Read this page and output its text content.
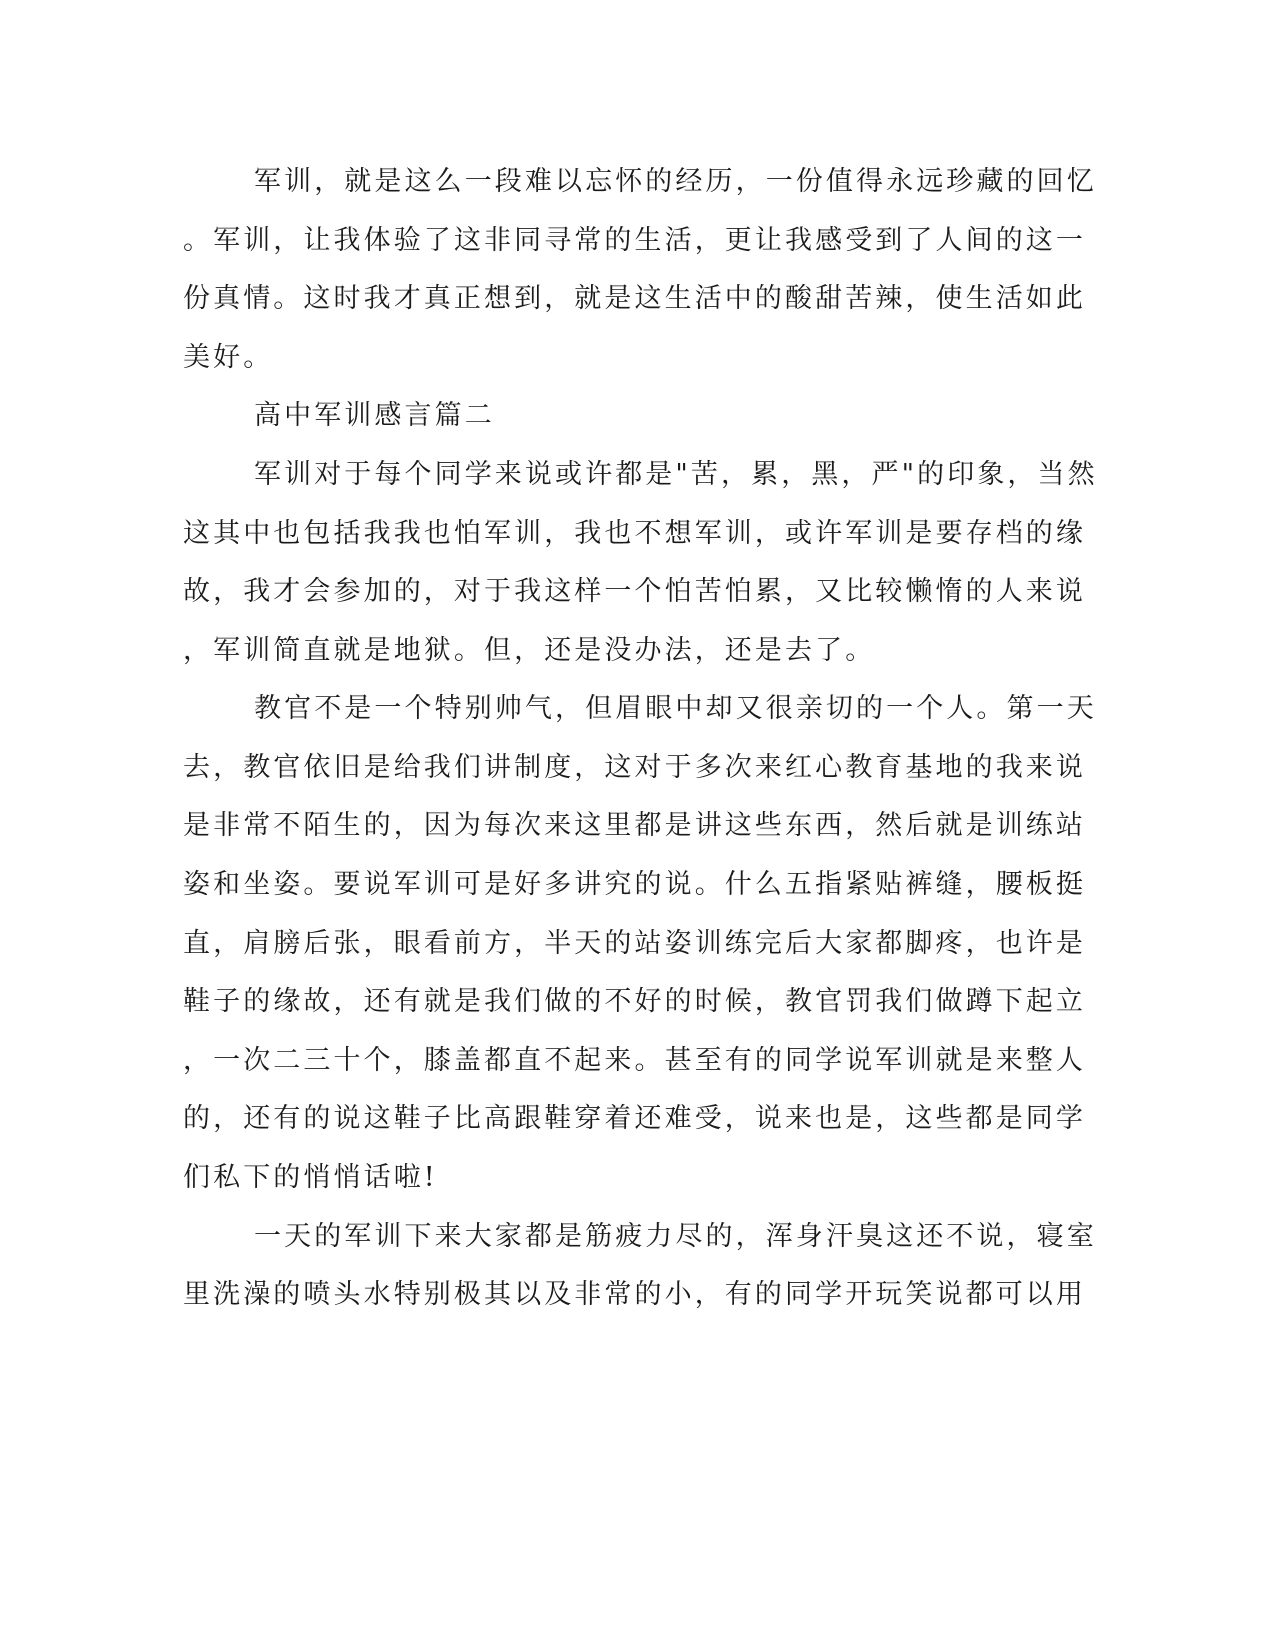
军训，就是这么一段难以忘怀的经历，一份值得永远珍藏的回忆
。军训，让我体验了这非同寻常的生活，更让我感受到了人间的这一
份真情。这时我才真正想到，就是这生活中的酸甜苦辣，使生活如此
美好。
高中军训感言篇二
军训对于每个同学来说或许都是"苦，累，黑，严"的印象，当然
这其中也包括我我也怕军训，我也不想军训，或许军训是要存档的缘
故，我才会参加的，对于我这样一个怕苦怕累，又比较懒惰的人来说
，军训简直就是地狱。但，还是没办法，还是去了。
教官不是一个特别帅气，但眉眼中却又很亲切的一个人。第一天
去，教官依旧是给我们讲制度，这对于多次来红心教育基地的我来说
是非常不陌生的，因为每次来这里都是讲这些东西，然后就是训练站
姿和坐姿。要说军训可是好多讲究的说。什么五指紧贴裤缝，腰板挺
直，肩膀后张，眼看前方，半天的站姿训练完后大家都脚疼，也许是
鞋子的缘故，还有就是我们做的不好的时候，教官罚我们做蹲下起立
，一次二三十个，膝盖都直不起来。甚至有的同学说军训就是来整人
的，还有的说这鞋子比高跟鞋穿着还难受，说来也是，这些都是同学
们私下的悄悄话啦!
一天的军训下来大家都是筋疲力尽的，浑身汗臭这还不说，寝室
里洗澡的喷头水特别极其以及非常的小，有的同学开玩笑说都可以用
